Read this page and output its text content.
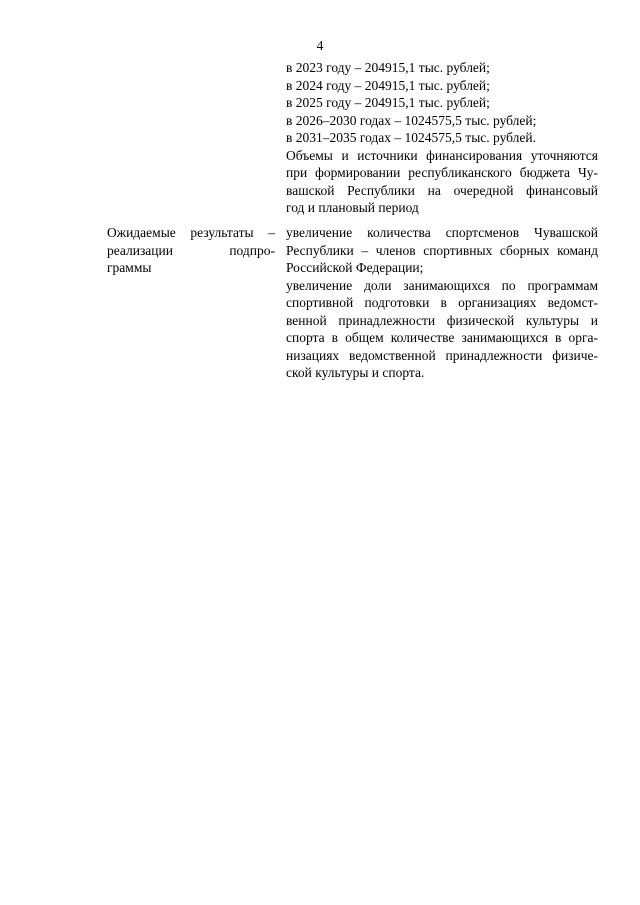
4
в 2023 году – 204915,1 тыс. рублей;
в 2024 году – 204915,1 тыс. рублей;
в 2025 году – 204915,1 тыс. рублей;
в 2026–2030 годах – 1024575,5 тыс. рублей;
в 2031–2035 годах – 1024575,5 тыс. рублей.
Объемы и источники финансирования уточняются
при формировании республиканского бюджета Чу-
вашской Республики на очередной финансовый
год и плановый период
Ожидаемые результаты –
реализации подпро-
граммы
увеличение количества спортсменов Чувашской
Республики – членов спортивных сборных команд
Российской Федерации;
увеличение доли занимающихся по программам
спортивной подготовки в организациях ведомст-
венной принадлежности физической культуры и
спорта в общем количестве занимающихся в орга-
низациях ведомственной принадлежности физиче-
ской культуры и спорта.
